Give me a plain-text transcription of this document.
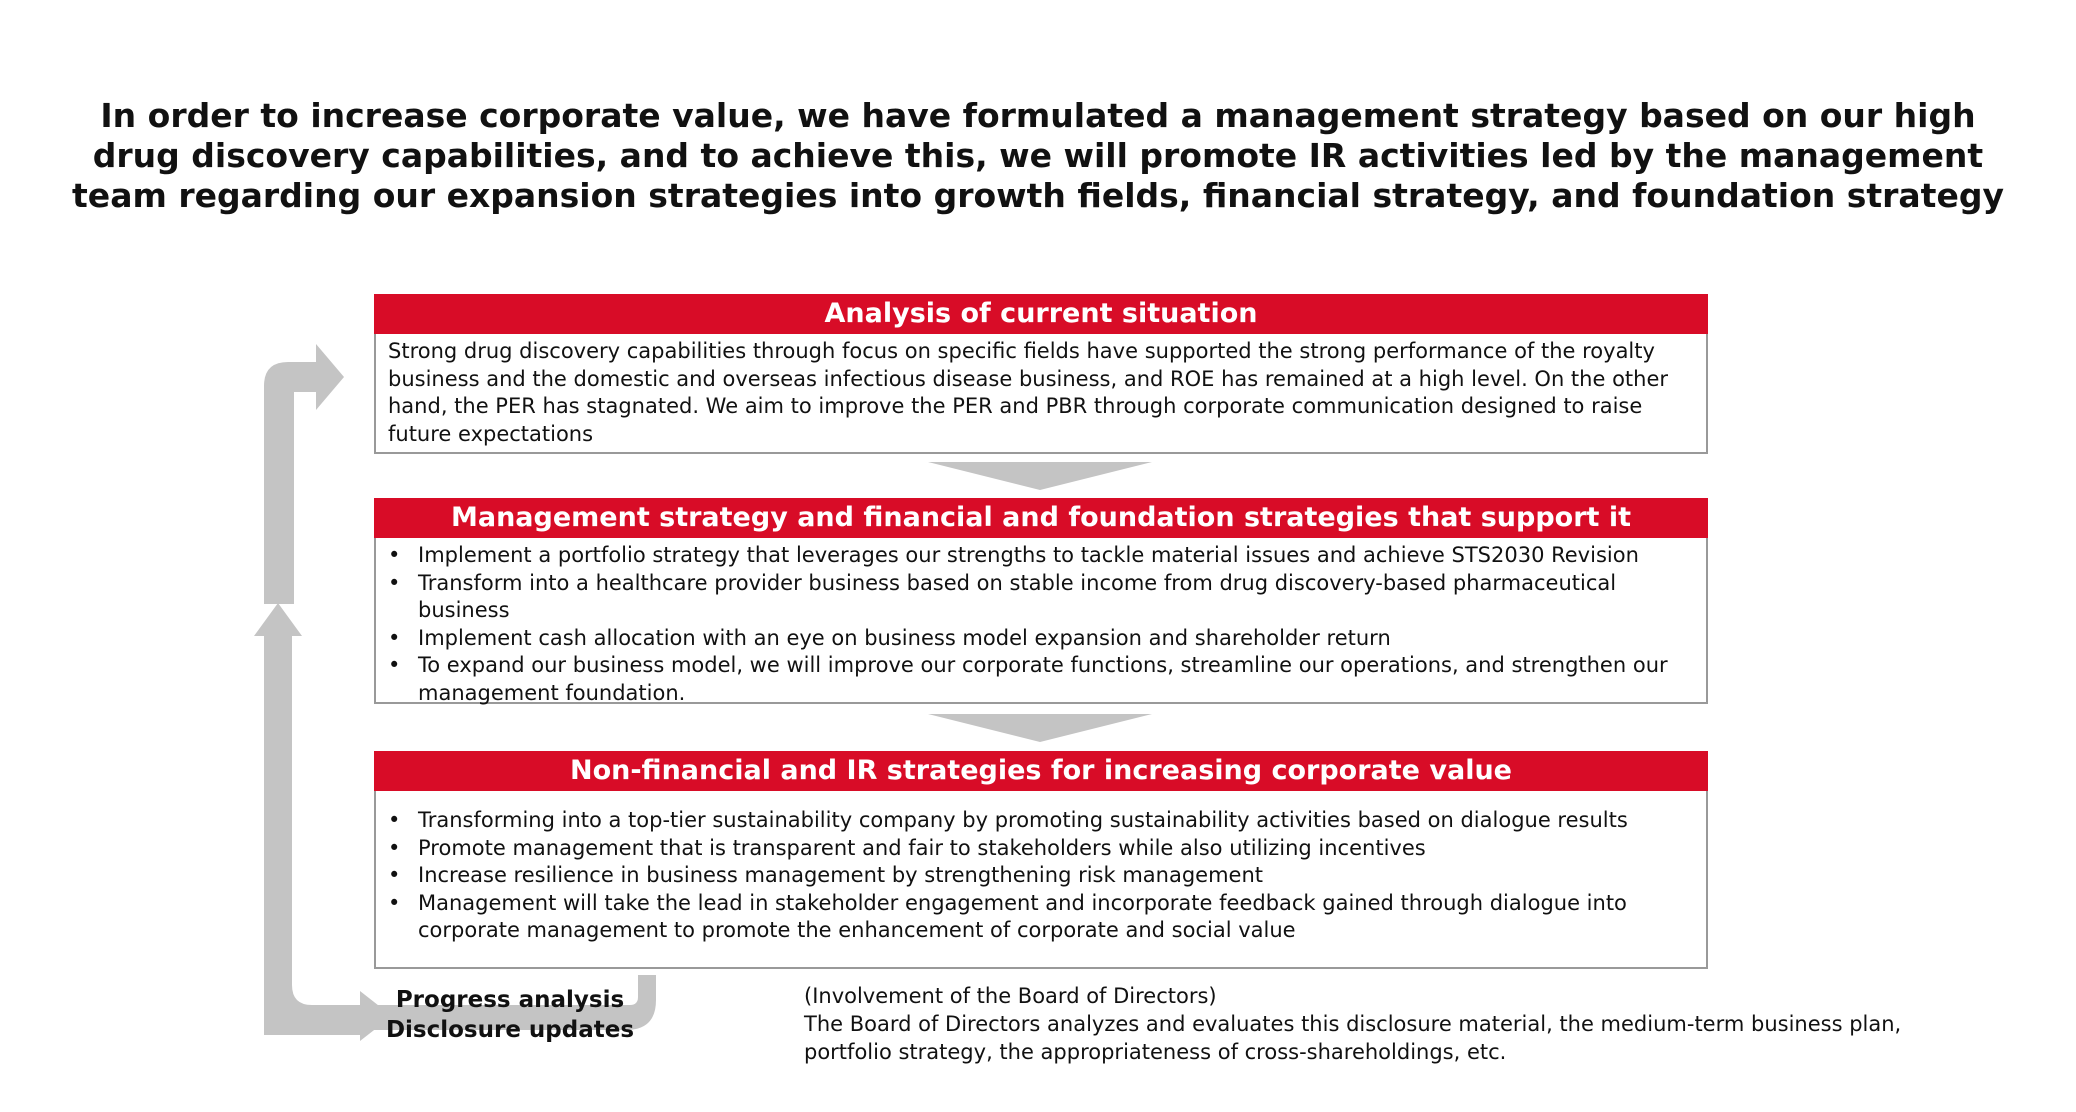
In order to increase corporate value, we have formulated a management strategy based on our high drug discovery capabilities, and to achieve this, we will promote IR activities led by the management team regarding our expansion strategies into growth fields, financial strategy, and foundation strategy
Analysis of current situation

Strong drug discovery capabilities through focus on specific fields have supported the strong performance of the royalty business and the domestic and overseas infectious disease business, and ROE has remained at a high level. On the other hand, the PER has stagnated. We aim to improve the PER and PBR through corporate communication designed to raise future expectations

Management strategy and financial and foundation strategies that support it
• Implement a portfolio strategy that leverages our strengths to tackle material issues and achieve STS2030 Revision
• Transform into a healthcare provider business based on stable income from drug discovery-based pharmaceutical business
• Implement cash allocation with an eye on business model expansion and shareholder return
• To expand our business model, we will improve our corporate functions, streamline our operations, and strengthen our management foundation.
Non-financial and IR strategies for increasing corporate value
• Transforming into a top-tier sustainability company by promoting sustainability activities based on dialogue results
• Promote management that is transparent and fair to stakeholders while also utilizing incentives
• Increase resilience in business management by strengthening risk management
• Management will take the lead in stakeholder engagement and incorporate feedback gained through dialogue into corporate management to promote the enhancement of corporate and social value
Progress analysis
Disclosure updates
(Involvement of the Board of Directors)
The Board of Directors analyzes and evaluates this disclosure material, the medium-term business plan,
portfolio strategy, the appropriateness of cross-shareholdings, etc.
